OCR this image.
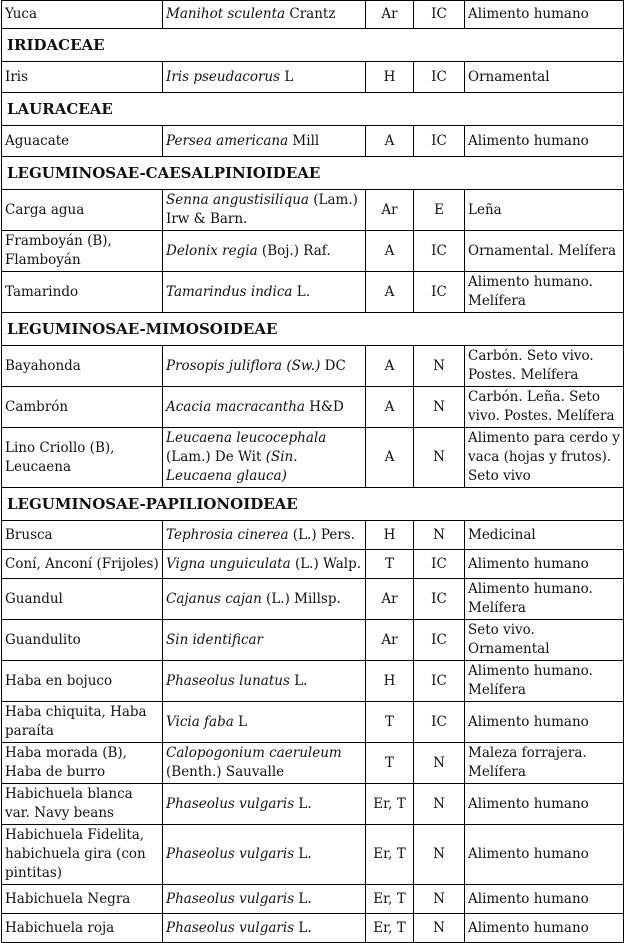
Yuca	Manihot sculenta Crantz	Ar	IC	Alimento humano
IRIDACEAE				
Iris	Iris pseudacorus L	H	IC	Ornamental
LAURACEAE				
Aguacate	Persea americana Mill	A	IC	Alimento humano
LEGUMINOSAE-CAESALPINIOIDEAE				
Carga agua	Senna angustisiliqua (Lam.) Irw & Barn.	Ar	E	Leña
Framboyán (B), Flamboyán	Delonix regia (Boj.) Raf.	A	IC	Ornamental. Melífera
Tamarindo	Tamarindus indica L.	A	IC	Alimento humano. Melífera
LEGUMINOSAE-MIMOSOIDEAE				
Bayahonda	Prosopis juliflora (Sw.) DC	A	N	Carbón. Seto vivo. Postes. Melífera
Cambrón	Acacia macracantha H&D	A	N	Carbón. Leña. Seto vivo. Postes. Melífera
Lino Criollo (B), Leucaena	Leucaena leucocephala (Lam.) De Wit (Sin. Leucaena glauca)	A	N	Alimento para cerdo y vaca (hojas y frutos). Seto vivo
LEGUMINOSAE-PAPILIONOIDEAE				
Brusca	Tephrosia cinerea (L.) Pers.	H	N	Medicinal
Coní, Anconí (Frijoles)	Vigna unguiculata (L.) Walp.	T	IC	Alimento humano
Guandul	Cajanus cajan (L.) Millsp.	Ar	IC	Alimento humano. Melífera
Guandulito	Sin identificar	Ar	IC	Seto vivo. Ornamental
Haba en bojuco	Phaseolus lunatus L.	H	IC	Alimento humano. Melífera
Haba chiquita, Haba paraíta	Vicia faba L	T	IC	Alimento humano
Haba morada (B), Haba de burro	Calopogonium caeruleum (Benth.) Sauvalle	T	N	Maleza forrajera. Melífera
Habichuela blanca var. Navy beans	Phaseolus vulgaris L.	Er, T	N	Alimento humano
Habichuela Fidelita, habichuela gira (con pintitas)	Phaseolus vulgaris L.	Er, T	N	Alimento humano
Habichuela Negra	Phaseolus vulgaris L.	Er, T	N	Alimento humano
Habichuela roja	Phaseolus vulgaris L.	Er, T	N	Alimento humano
